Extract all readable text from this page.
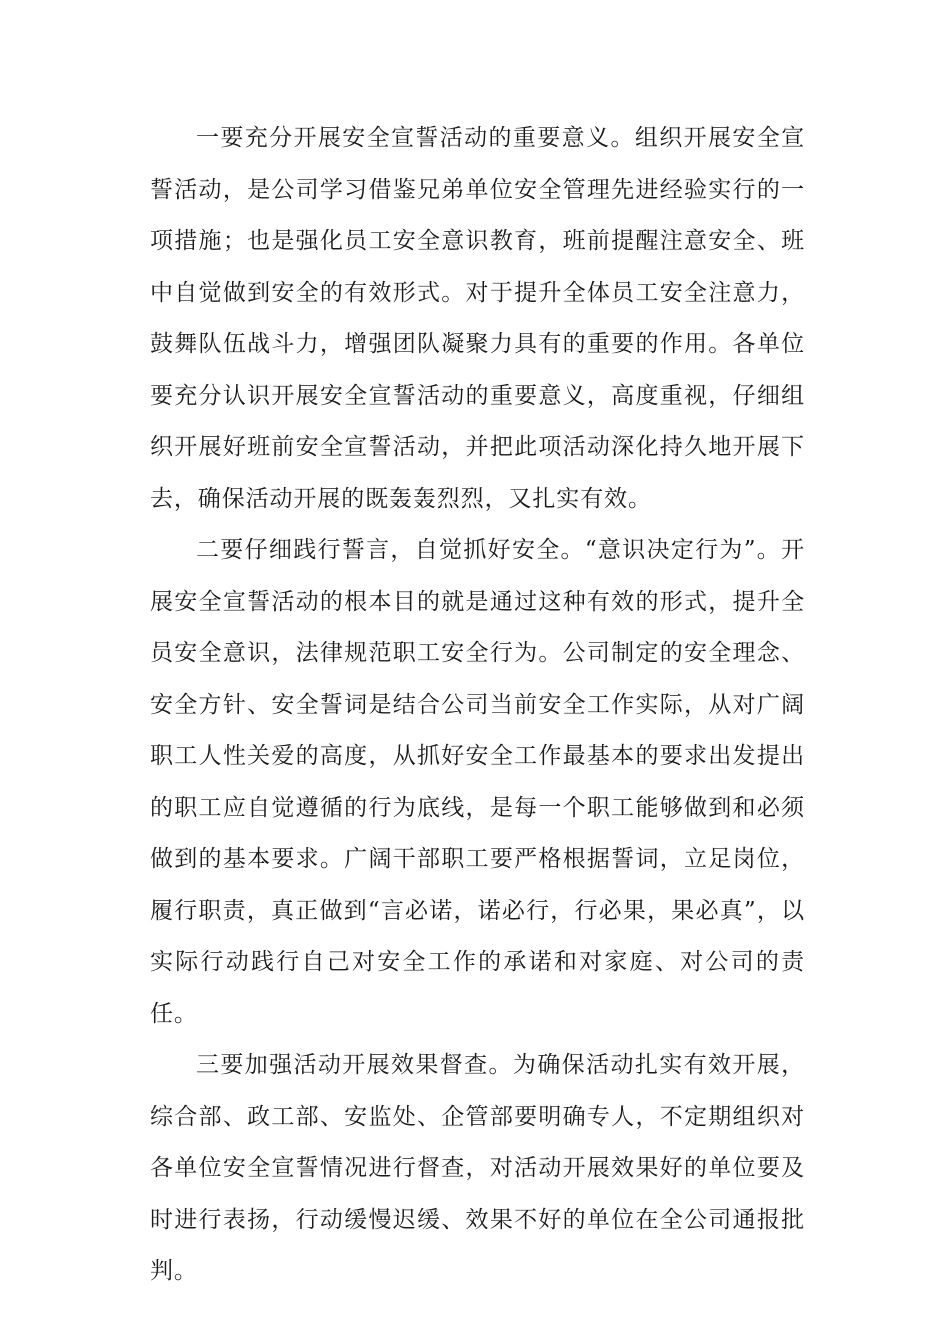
一要充分开展安全宣誓活动的重要意义。组织开展安全宣誓活动，是公司学习借鉴兄弟单位安全管理先进经验实行的一项措施；也是强化员工安全意识教育，班前提醒注意安全、班中自觉做到安全的有效形式。对于提升全体员工安全注意力，鼓舞队伍战斗力，增强团队凝聚力具有的重要的作用。各单位要充分认识开展安全宣誓活动的重要意义，高度重视，仔细组织开展好班前安全宣誓活动，并把此项活动深化持久地开展下去，确保活动开展的既轰轰烈烈，又扎实有效。

二要仔细践行誓言，自觉抓好安全。“意识决定行为”。开展安全宣誓活动的根本目的就是通过这种有效的形式，提升全员安全意识，法律规范职工安全行为。公司制定的安全理念、安全方针、安全誓词是结合公司当前安全工作实际，从对广阔职工人性关爱的高度，从抓好安全工作最基本的要求出发提出的职工应自觉遵循的行为底线，是每一个职工能够做到和必须做到的基本要求。广阔干部职工要严格根据誓词，立足岗位，履行职责，真正做到“言必诺，诺必行，行必果，果必真”，以实际行动践行自己对安全工作的承诺和对家庭、对公司的责任。

三要加强活动开展效果督查。为确保活动扎实有效开展，综合部、政工部、安监处、企管部要明确专人，不定期组织对各单位安全宣誓情况进行督查，对活动开展效果好的单位要及时进行表扬，行动缓慢迟缓、效果不好的单位在全公司通报批判。
